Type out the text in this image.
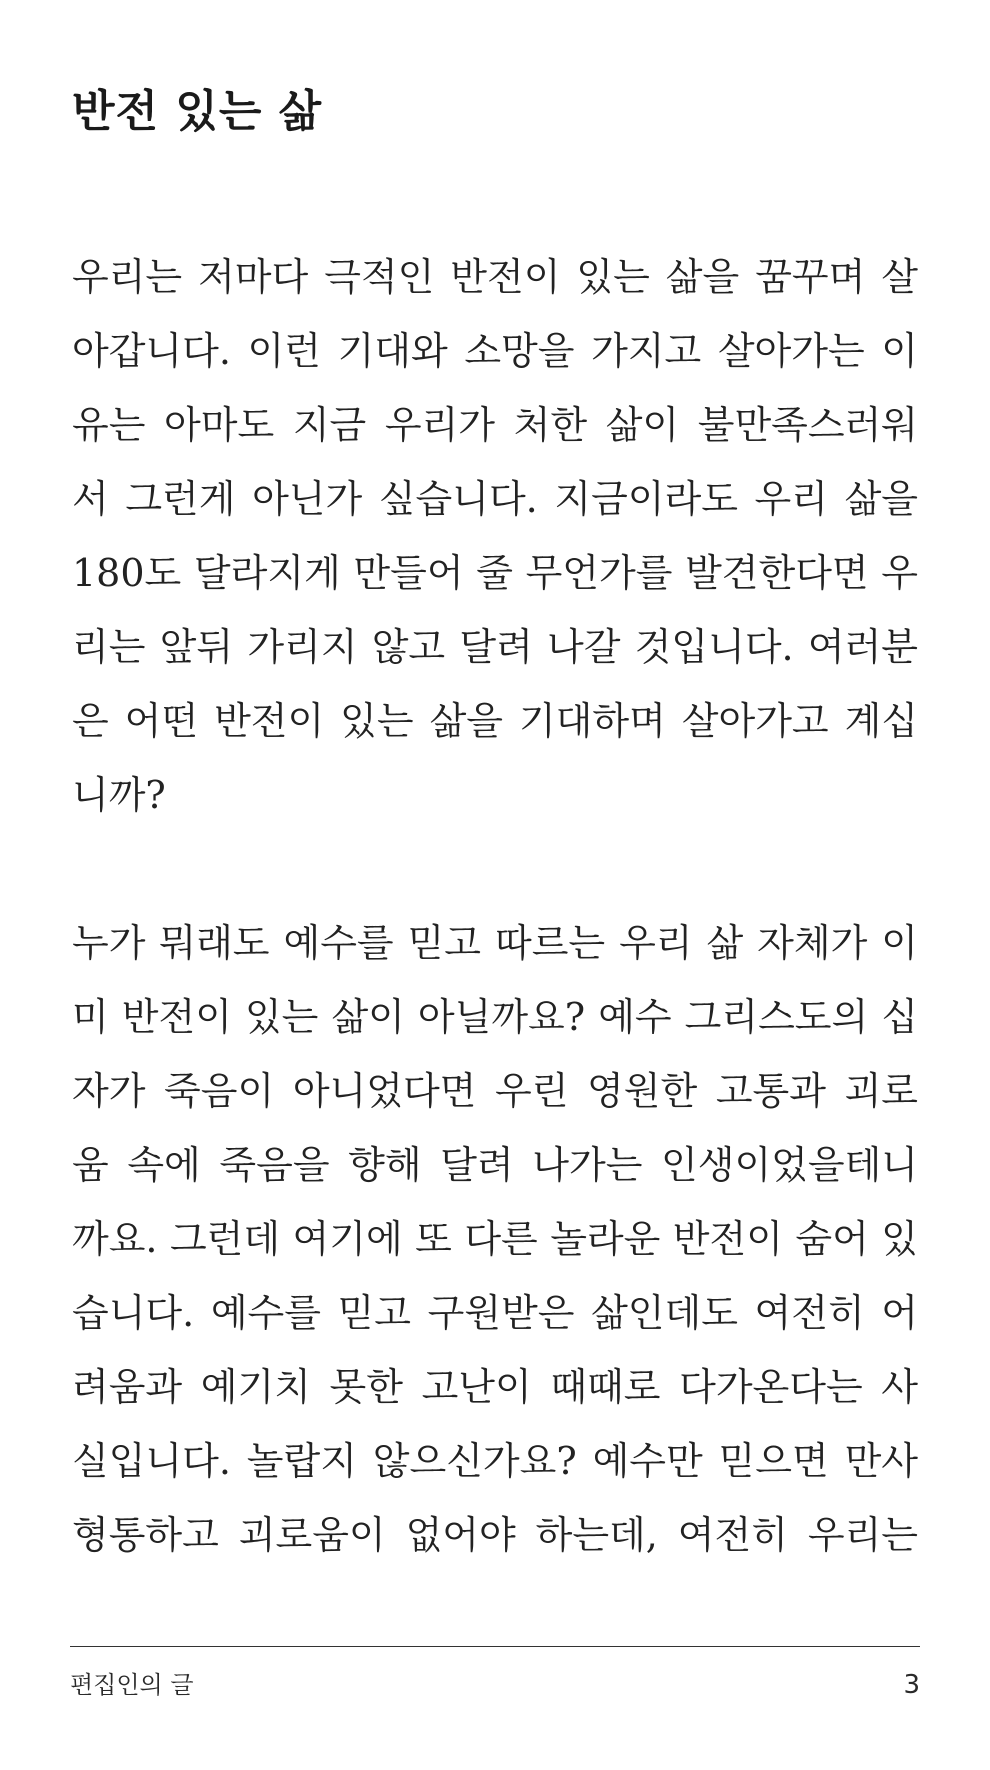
반전 있는 삶
우리는 저마다 극적인 반전이 있는 삶을 꿈꾸며 살
아갑니다. 이런 기대와 소망을 가지고 살아가는 이
유는 아마도 지금 우리가 처한 삶이 불만족스러워
서 그런게 아닌가 싶습니다. 지금이라도 우리 삶을
180도 달라지게 만들어 줄 무언가를 발견한다면 우
리는 앞뒤 가리지 않고 달려 나갈 것입니다. 여러분
은 어떤 반전이 있는 삶을 기대하며 살아가고 계십
니까?
누가 뭐래도 예수를 믿고 따르는 우리 삶 자체가 이
미 반전이 있는 삶이 아닐까요? 예수 그리스도의 십
자가 죽음이 아니었다면 우린 영원한 고통과 괴로
움 속에 죽음을 향해 달려 나가는 인생이었을테니
까요. 그런데 여기에 또 다른 놀라운 반전이 숨어 있
습니다. 예수를 믿고 구원받은 삶인데도 여전히 어
려움과 예기치 못한 고난이 때때로 다가온다는 사
실입니다. 놀랍지 않으신가요? 예수만 믿으면 만사
형통하고 괴로움이 없어야 하는데, 여전히 우리는
편집인의 글	3
